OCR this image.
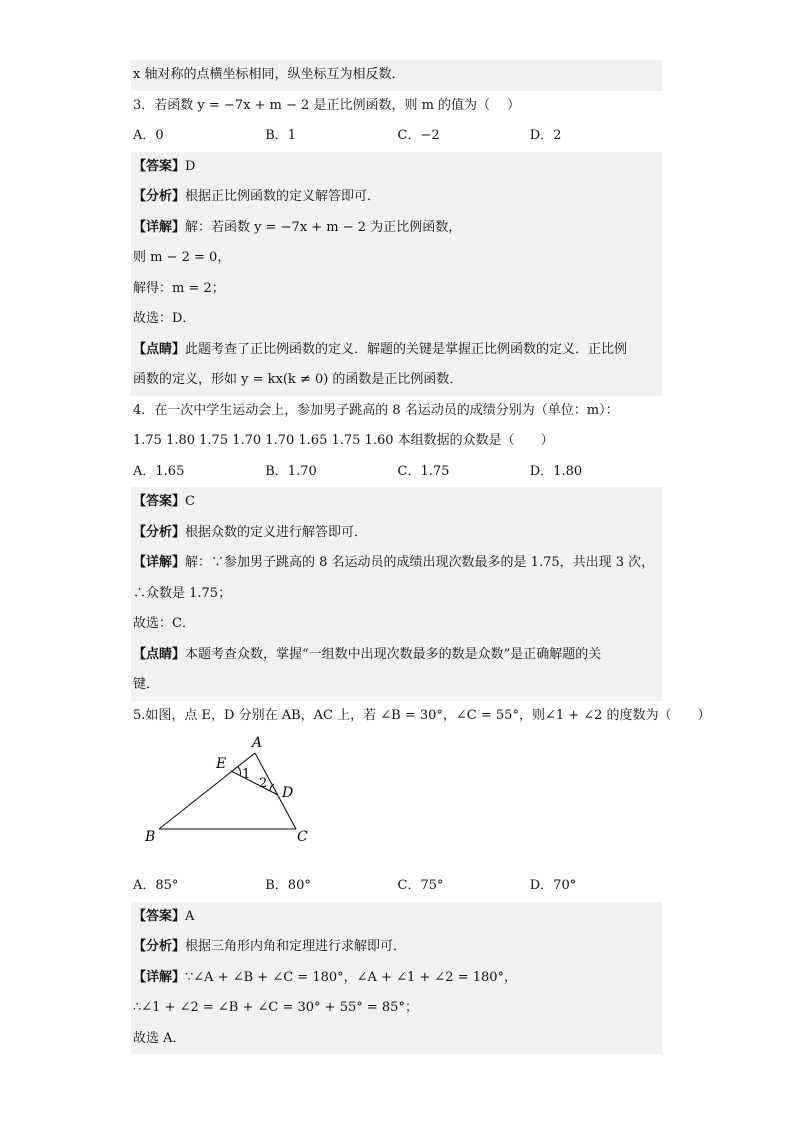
x 轴对称的点横坐标相同，纵坐标互为相反数．
3．若函数 y = −7x + m − 2 是正比例函数，则 m 的值为（　 ）
A．0	B．1	C．−2	D．2
【答案】D
【分析】根据正比例函数的定义解答即可．
【详解】解：若函数 y = −7x + m − 2 为正比例函数，
则 m − 2 = 0，
解得：m = 2；
故选：D．
【点睛】此题考查了正比例函数的定义．解题的关键是掌握正比例函数的定义．正比例
函数的定义，形如 y = kx(k ≠ 0) 的函数是正比例函数．
4．在一次中学生运动会上，参加男子跳高的 8 名运动员的成绩分别为（单位：m）：
1.75 1.80 1.75 1.70 1.70 1.65 1.75 1.60 本组数据的众数是（　　）
A．1.65	B．1.70	C．1.75	D．1.80
【答案】C
【分析】根据众数的定义进行解答即可．
【详解】解：∵参加男子跳高的 8 名运动员的成绩出现次数最多的是 1.75，共出现 3 次，
∴众数是 1.75；
故选：C．
【点睛】本题考查众数，掌握“一组数中出现次数最多的数是众数”是正确解题的关
键．
5.如图，点 E，D 分别在 AB，AC 上，若 ∠B = 30°，∠C = 55°，则∠1 + ∠2 的度数为（　　）
A
B	C
D
E
1
2
A．85°	B．80°	C．75°	D．70°
【答案】A
【分析】根据三角形内角和定理进行求解即可．
【详解】∵∠A + ∠B + ∠C = 180°，∠A + ∠1 + ∠2 = 180°，
∴∠1 + ∠2 = ∠B + ∠C = 30° + 55° = 85°；
故选 A．
